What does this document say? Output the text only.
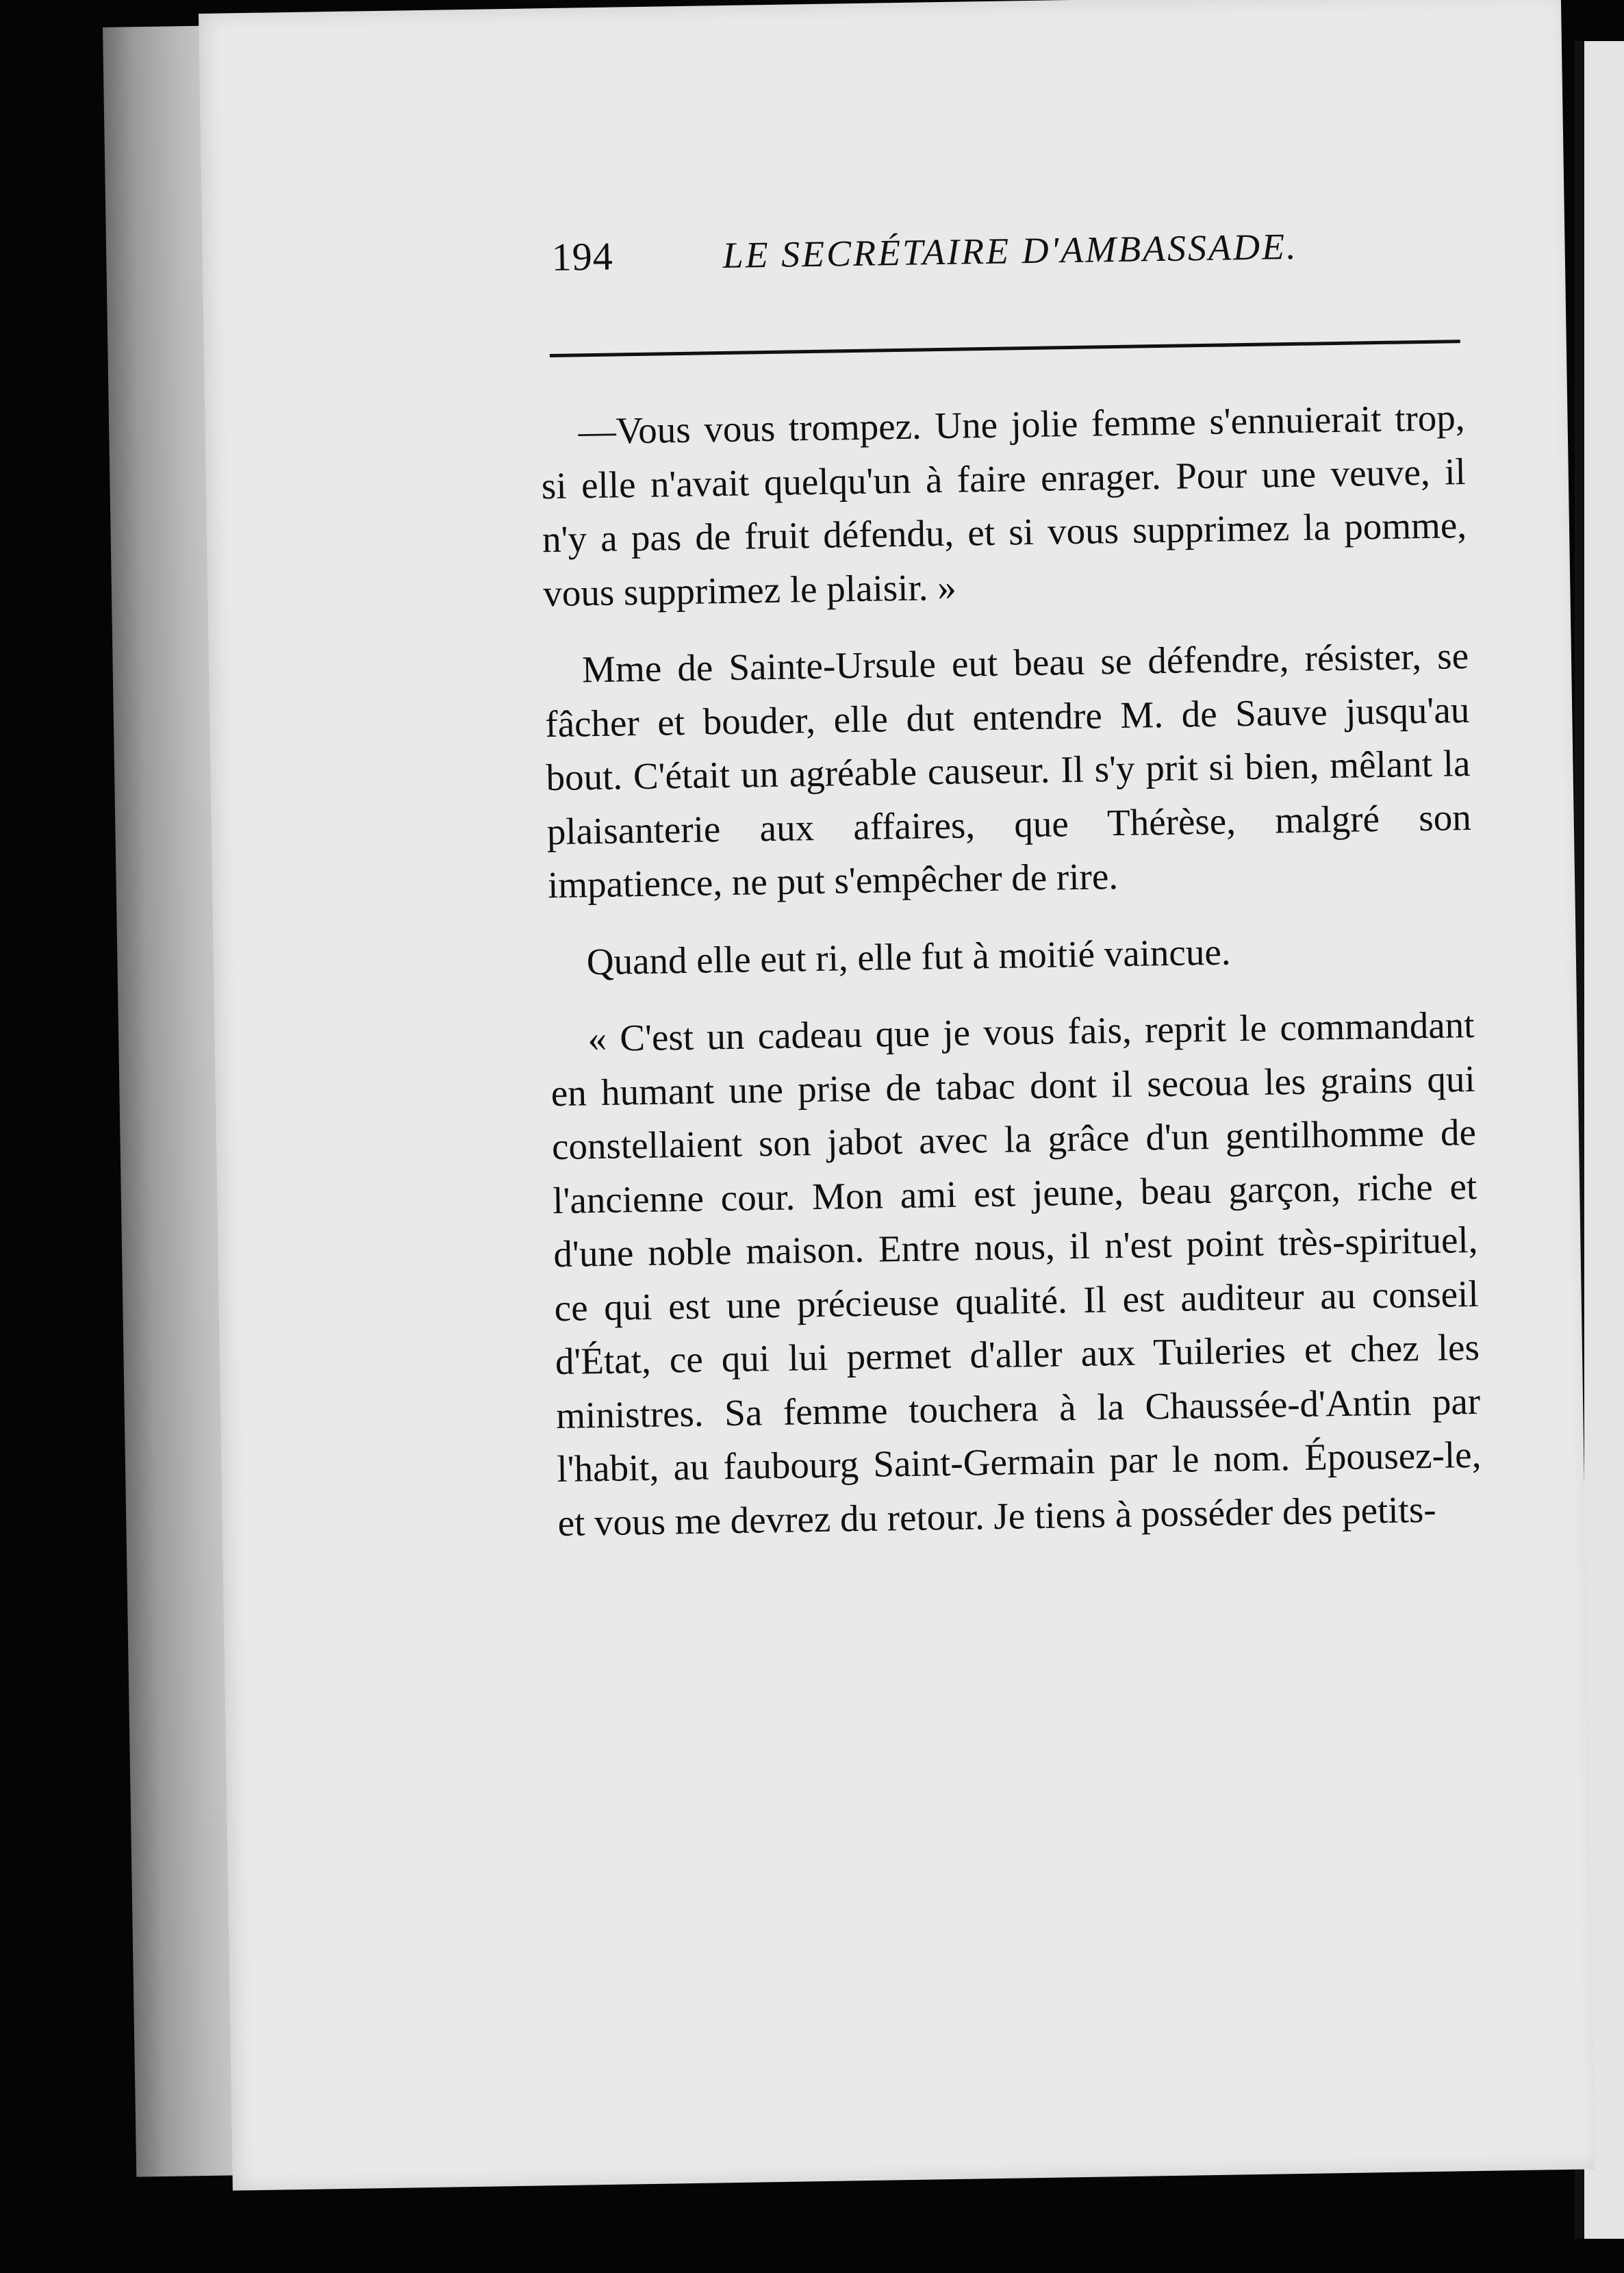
194	LE SECRÉTAIRE D'AMBASSADE.

—Vous vous trompez. Une jolie femme s'ennuierait trop, si elle n'avait quelqu'un à faire enrager. Pour une veuve, il n'y a pas de fruit défendu, et si vous supprimez la pomme, vous supprimez le plaisir. »

Mme de Sainte-Ursule eut beau se défendre, résister, se fâcher et bouder, elle dut entendre M. de Sauve jusqu'au bout. C'était un agréable causeur. Il s'y prit si bien, mêlant la plaisanterie aux affaires, que Thérèse, malgré son impatience, ne put s'empêcher de rire.

Quand elle eut ri, elle fut à moitié vaincue.

« C'est un cadeau que je vous fais, reprit le commandant en humant une prise de tabac dont il secoua les grains qui constellaient son jabot avec la grâce d'un gentilhomme de l'ancienne cour. Mon ami est jeune, beau garçon, riche et d'une noble maison. Entre nous, il n'est point très-spirituel, ce qui est une précieuse qualité. Il est auditeur au conseil d'État, ce qui lui permet d'aller aux Tuileries et chez les ministres. Sa femme touchera à la Chaussée-d'Antin par l'habit, au faubourg Saint-Germain par le nom. Épousez-le, et vous me devrez du retour. Je tiens à posséder des petits-
